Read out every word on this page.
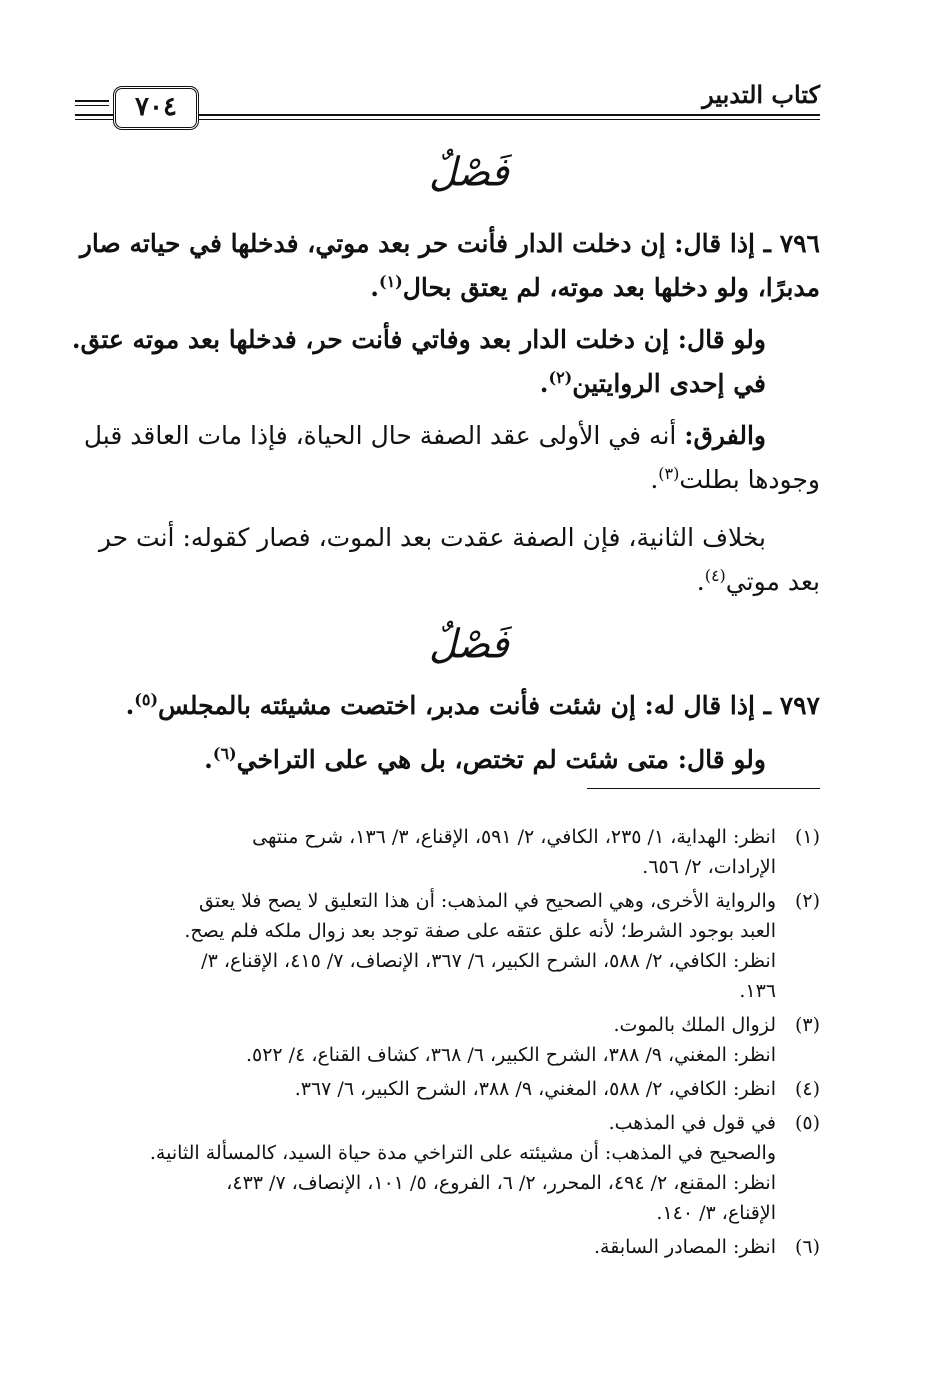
كتاب التدبير
٧٠٤
فَصْلٌ
٧٩٦ ـ إذا قال: إن دخلت الدار فأنت حر بعد موتي، فدخلها في حياته صار
مدبرًا، ولو دخلها بعد موته، لم يعتق بحال$^{(١)}$.
ولو قال: إن دخلت الدار بعد وفاتي فأنت حر، فدخلها بعد موته عتق.
في إحدى الروايتين$^{(٢)}$.
والفرق: أنه في الأولى عقد الصفة حال الحياة، فإذا مات العاقد قبل
وجودها بطلت$^{(٣)}$.
بخلاف الثانية، فإن الصفة عقدت بعد الموت، فصار كقوله: أنت حر
بعد موتي$^{(٤)}$.
فَصْلٌ
٧٩٧ ـ إذا قال له: إن شئت فأنت مدبر، اختصت مشيئته بالمجلس$^{(٥)}$.
ولو قال: متى شئت لم تختص، بل هي على التراخي$^{(٦)}$.
(١)
انظر: الهداية، ١/ ٢٣٥، الكافي، ٢/ ٥٩١، الإقناع، ٣/ ١٣٦، شرح منتهى
الإرادات، ٢/ ٦٥٦.
(٢)
والرواية الأخرى، وهي الصحيح في المذهب: أن هذا التعليق لا يصح فلا يعتق
العبد بوجود الشرط؛ لأنه علق عتقه على صفة توجد بعد زوال ملكه فلم يصح.
انظر: الكافي، ٢/ ٥٨٨، الشرح الكبير، ٦/ ٣٦٧، الإنصاف، ٧/ ٤١٥، الإقناع، ٣/
١٣٦.
(٣)
لزوال الملك بالموت.
انظر: المغني، ٩/ ٣٨٨، الشرح الكبير، ٦/ ٣٦٨، كشاف القناع، ٤/ ٥٢٢.
(٤)
انظر: الكافي، ٢/ ٥٨٨، المغني، ٩/ ٣٨٨، الشرح الكبير، ٦/ ٣٦٧.
(٥)
في قول في المذهب.
والصحيح في المذهب: أن مشيئته على التراخي مدة حياة السيد، كالمسألة الثانية.
انظر: المقنع، ٢/ ٤٩٤، المحرر، ٢/ ٦، الفروع، ٥/ ١٠١، الإنصاف، ٧/ ٤٣٣،
الإقناع، ٣/ ١٤٠.
(٦)
انظر: المصادر السابقة.
